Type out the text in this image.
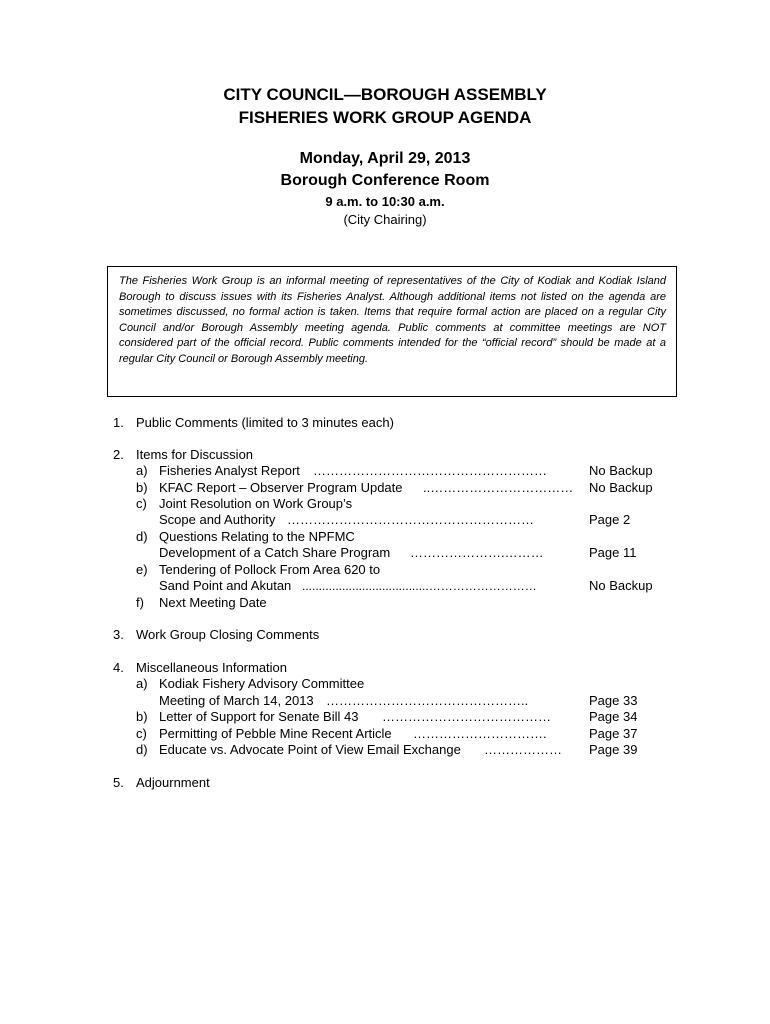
CITY COUNCIL—BOROUGH ASSEMBLY
FISHERIES WORK GROUP AGENDA
Monday, April 29, 2013
Borough Conference Room
9 a.m. to 10:30 a.m.
(City Chairing)
The Fisheries Work Group is an informal meeting of representatives of the City of Kodiak and Kodiak Island Borough to discuss issues with its Fisheries Analyst. Although additional items not listed on the agenda are sometimes discussed, no formal action is taken. Items that require formal action are placed on a regular City Council and/or Borough Assembly meeting agenda. Public comments at committee meetings are NOT considered part of the official record. Public comments intended for the “official record” should be made at a regular City Council or Borough Assembly meeting.
1. Public Comments (limited to 3 minutes each)
2. Items for Discussion
a) Fisheries Analyst Report ………………………………………………	No Backup
b) KFAC Report – Observer Program Update ..……………………………	No Backup
c) Joint Resolution on Work Group’s
Scope and Authority …………………………………………………	Page 2
d) Questions Relating to the NPFMC
Development of a Catch Share Program ………………….………	Page 11
e) Tendering of Pollock From Area 620 to
Sand Point and Akutan ......................................………………………	No Backup
f) Next Meeting Date
3. Work Group Closing Comments
4. Miscellaneous Information
a) Kodiak Fishery Advisory Committee
Meeting of March 14, 2013 ………………………………………..	Page 33
b) Letter of Support for Senate Bill 43 …………………………………	Page 34
c) Permitting of Pebble Mine Recent Article ………………………….	Page 37
d) Educate vs. Advocate Point of View Email Exchange ………………	Page 39
5. Adjournment
